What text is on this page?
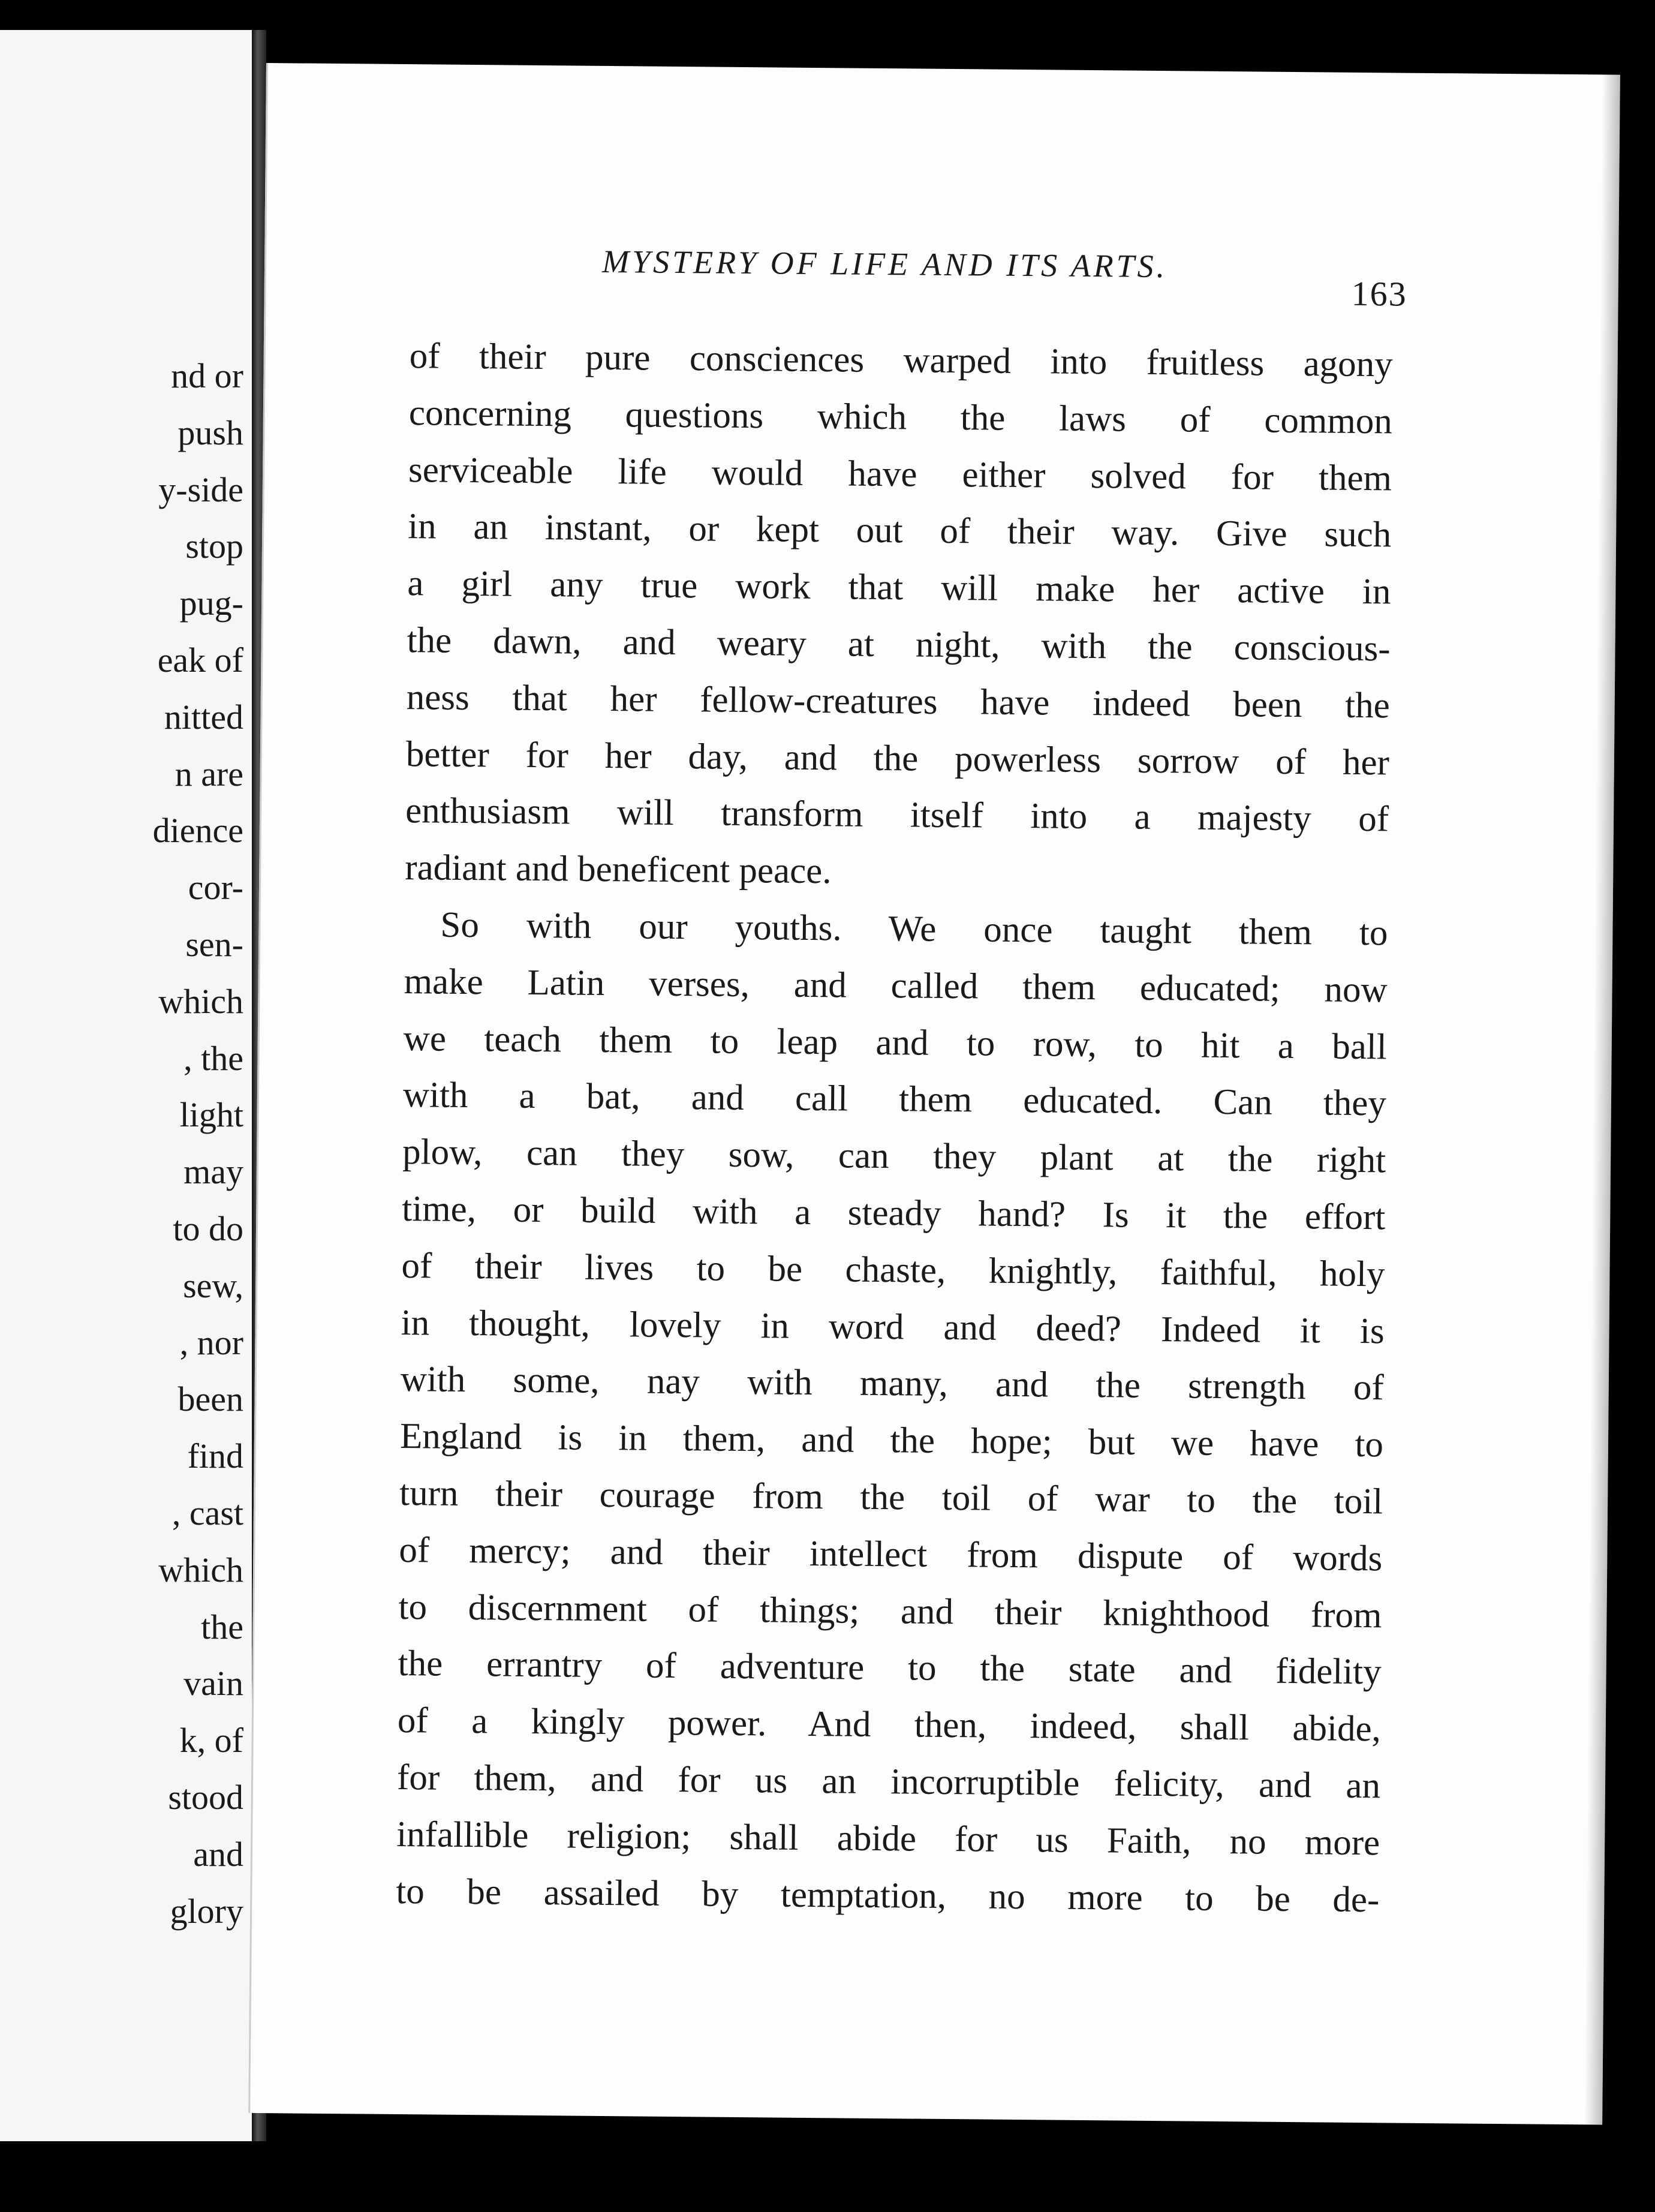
nd or
push
y-side
stop
pug-
eak of
nitted
n are
dience
cor-
sen-
which
, the
light
may
to do
sew,
, nor
been
find
, cast
which
the
vain
k, of
stood
and
glory
MYSTERY OF LIFE AND ITS ARTS.
163
of their pure consciences warped into fruitless agony
concerning questions which the laws of common
serviceable life would have either solved for them
in an instant, or kept out of their way. Give such
a girl any true work that will make her active in
the dawn, and weary at night, with the conscious-
ness that her fellow-creatures have indeed been the
better for her day, and the powerless sorrow of her
enthusiasm will transform itself into a majesty of
radiant and beneficent peace.
So with our youths. We once taught them to
make Latin verses, and called them educated; now
we teach them to leap and to row, to hit a ball
with a bat, and call them educated. Can they
plow, can they sow, can they plant at the right
time, or build with a steady hand? Is it the effort
of their lives to be chaste, knightly, faithful, holy
in thought, lovely in word and deed? Indeed it is
with some, nay with many, and the strength of
England is in them, and the hope; but we have to
turn their courage from the toil of war to the toil
of mercy; and their intellect from dispute of words
to discernment of things; and their knighthood from
the errantry of adventure to the state and fidelity
of a kingly power. And then, indeed, shall abide,
for them, and for us an incorruptible felicity, and an
infallible religion; shall abide for us Faith, no more
to be assailed by temptation, no more to be de-
